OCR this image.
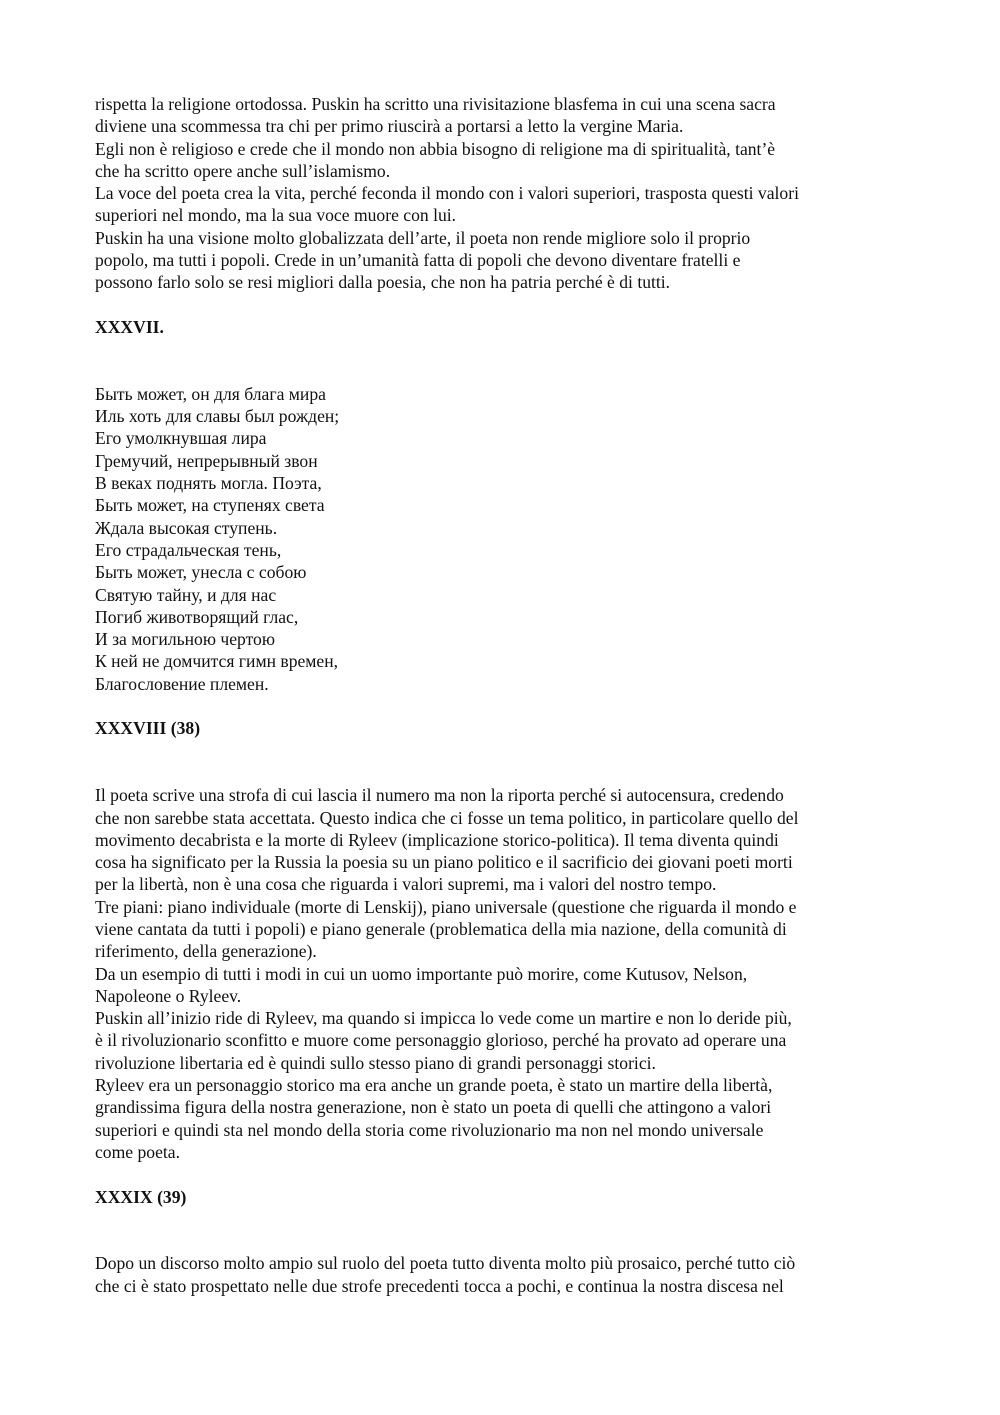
rispetta la religione ortodossa. Puskin ha scritto una rivisitazione blasfema in cui una scena sacra
diviene una scommessa tra chi per primo riuscirà a portarsi a letto la vergine Maria.
Egli non è religioso e crede che il mondo non abbia bisogno di religione ma di spiritualità, tant’è
che ha scritto opere anche sull’islamismo.
La voce del poeta crea la vita, perché feconda il mondo con i valori superiori, trasposta questi valori
superiori nel mondo, ma la sua voce muore con lui.
Puskin ha una visione molto globalizzata dell’arte, il poeta non rende migliore solo il proprio
popolo, ma tutti i popoli. Crede in un’umanità fatta di popoli che devono diventare fratelli e
possono farlo solo se resi migliori dalla poesia, che non ha patria perché è di tutti.
XXXVII.
Быть может, он для блага мира
Иль хоть для славы был рожден;
Его умолкнувшая лира
Гремучий, непрерывный звон
В веках поднять могла. Поэта,
Быть может, на ступенях света
Ждала высокая ступень.
Его страдальческая тень,
Быть может, унесла с собою
Святую тайну, и для нас
Погиб животворящий глас,
И за могильною чертою
К ней не домчится гимн времен,
Благословение племен.
XXXVIII (38)
Il poeta scrive una strofa di cui lascia il numero ma non la riporta perché si autocensura, credendo
che non sarebbe stata accettata. Questo indica che ci fosse un tema politico, in particolare quello del
movimento decabrista e la morte di Ryleev (implicazione storico-politica). Il tema diventa quindi
cosa ha significato per la Russia la poesia su un piano politico e il sacrificio dei giovani poeti morti
per la libertà, non è una cosa che riguarda i valori supremi, ma i valori del nostro tempo.
Tre piani: piano individuale (morte di Lenskij), piano universale (questione che riguarda il mondo e
viene cantata da tutti i popoli) e piano generale (problematica della mia nazione, della comunità di
riferimento, della generazione).
Da un esempio di tutti i modi in cui un uomo importante può morire, come Kutusov, Nelson,
Napoleone o Ryleev.
Puskin all’inizio ride di Ryleev, ma quando si impicca lo vede come un martire e non lo deride più,
è il rivoluzionario sconfitto e muore come personaggio glorioso, perché ha provato ad operare una
rivoluzione libertaria ed è quindi sullo stesso piano di grandi personaggi storici.
Ryleev era un personaggio storico ma era anche un grande poeta, è stato un martire della libertà,
grandissima figura della nostra generazione, non è stato un poeta di quelli che attingono a valori
superiori e quindi sta nel mondo della storia come rivoluzionario ma non nel mondo universale
come poeta.
XXXIX (39)
Dopo un discorso molto ampio sul ruolo del poeta tutto diventa molto più prosaico, perché tutto ciò
che ci è stato prospettato nelle due strofe precedenti tocca a pochi, e continua la nostra discesa nel
